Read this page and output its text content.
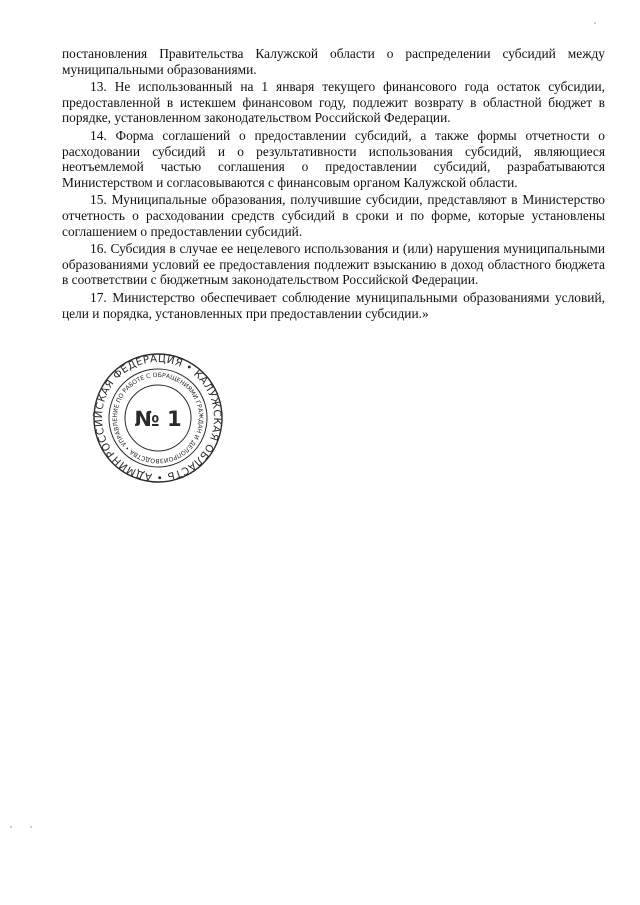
постановления Правительства Калужской области о распределении субсидий между муниципальными образованиями.

13. Не использованный на 1 января текущего финансового года остаток субсидии, предоставленной в истекшем финансовом году, подлежит возврату в областной бюджет в порядке, установленном законодательством Российской Федерации.

14. Форма соглашений о предоставлении субсидий, а также формы отчетности о расходовании субсидий и о результативности использования субсидий, являющиеся неотъемлемой частью соглашения о предоставлении субсидий, разрабатываются Министерством и согласовываются с финансовым органом Калужской области.

15. Муниципальные образования, получившие субсидии, представляют в Министерство отчетность о расходовании средств субсидий в сроки и по форме, которые установлены соглашением о предоставлении субсидий.

16. Субсидия в случае ее нецелевого использования и (или) нарушения муниципальными образованиями условий ее предоставления подлежит взысканию в доход областного бюджета в соответствии с бюджетным законодательством Российской Федерации.

17. Министерство обеспечивает соблюдение муниципальными образованиями условий, цели и порядка, установленных при предоставлении субсидии.»

РОССИЙСКАЯ ФЕДЕРАЦИЯ • КАЛУЖСКАЯ ОБЛАСТЬ • АДМИНИСТРАЦИЯ
УПРАВЛЕНИЕ ПО РАБОТЕ С ОБРАЩЕНИЯМИ ГРАЖДАН И ДЕЛОПРОИЗВОДСТВА •
№ 1
